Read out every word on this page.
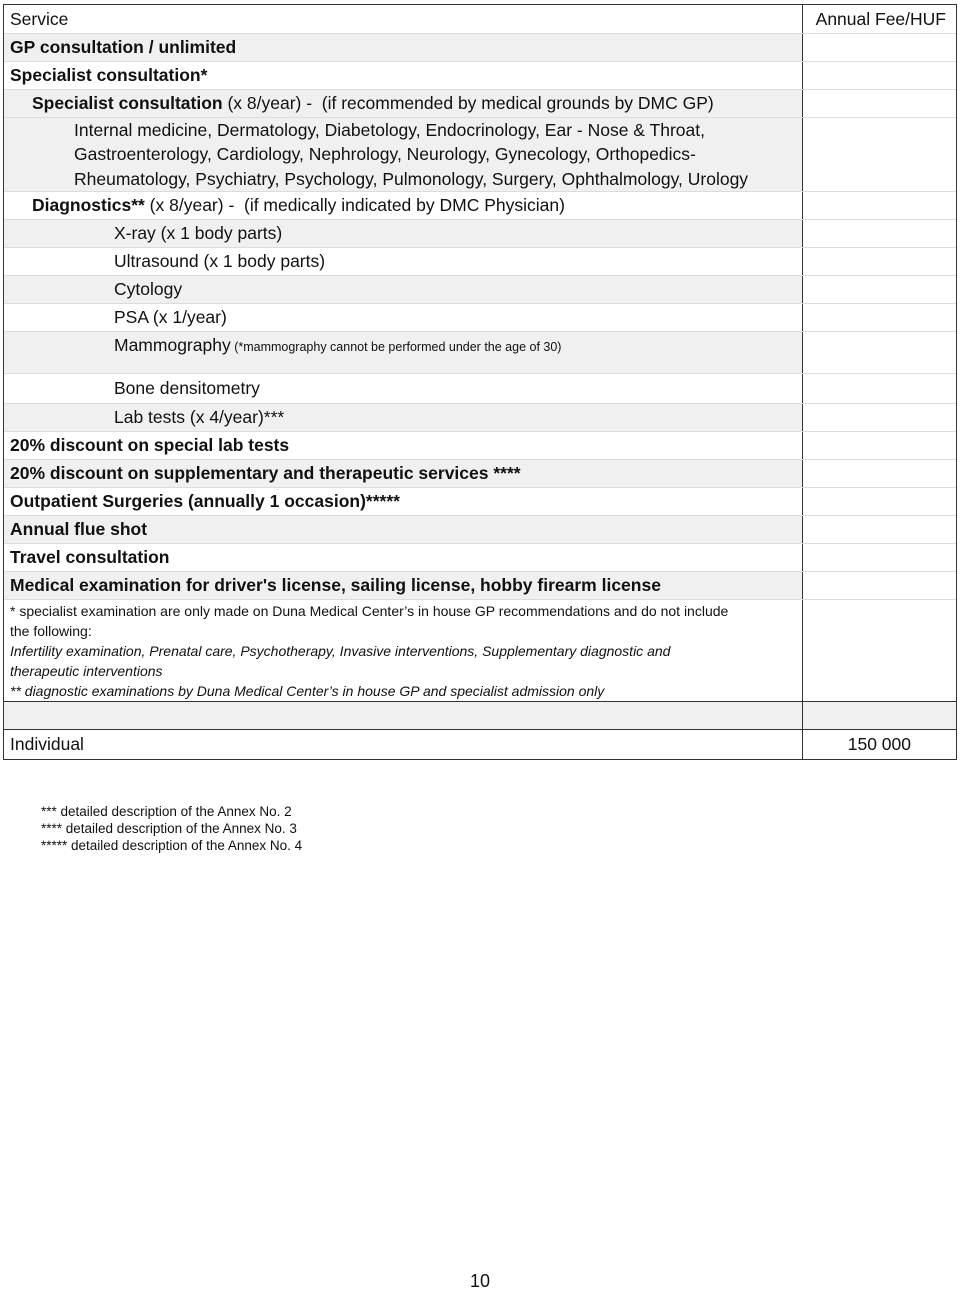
Service	Annual Fee/HUF
GP consultation / unlimited
Specialist consultation*
Specialist consultation (x 8/year) -  (if recommended by medical grounds by DMC GP)
Internal medicine, Dermatology, Diabetology, Endocrinology, Ear - Nose & Throat,
Gastroenterology, Cardiology, Nephrology, Neurology, Gynecology, Orthopedics-
Rheumatology, Psychiatry, Psychology, Pulmonology, Surgery, Ophthalmology, Urology
Diagnostics** (x 8/year) -  (if medically indicated by DMC Physician)
X-ray (x 1 body parts)
Ultrasound (x 1 body parts)
Cytology
PSA (x 1/year)
Mammography (*mammography cannot be performed under the age of 30)
Bone densitometry
Lab tests (x 4/year)***
20% discount on special lab tests
20% discount on supplementary and therapeutic services ****
Outpatient Surgeries (annually 1 occasion)*****
Annual flue shot
Travel consultation
Medical examination for driver's license, sailing license, hobby firearm license
* specialist examination are only made on Duna Medical Center’s in house GP recommendations and do not include
the following:
Infertility examination, Prenatal care, Psychotherapy, Invasive interventions, Supplementary diagnostic and
therapeutic interventions
** diagnostic examinations by Duna Medical Center’s in house GP and specialist admission only
Individual	150 000
*** detailed description of the Annex No. 2
**** detailed description of the Annex No. 3
***** detailed description of the Annex No. 4
10
